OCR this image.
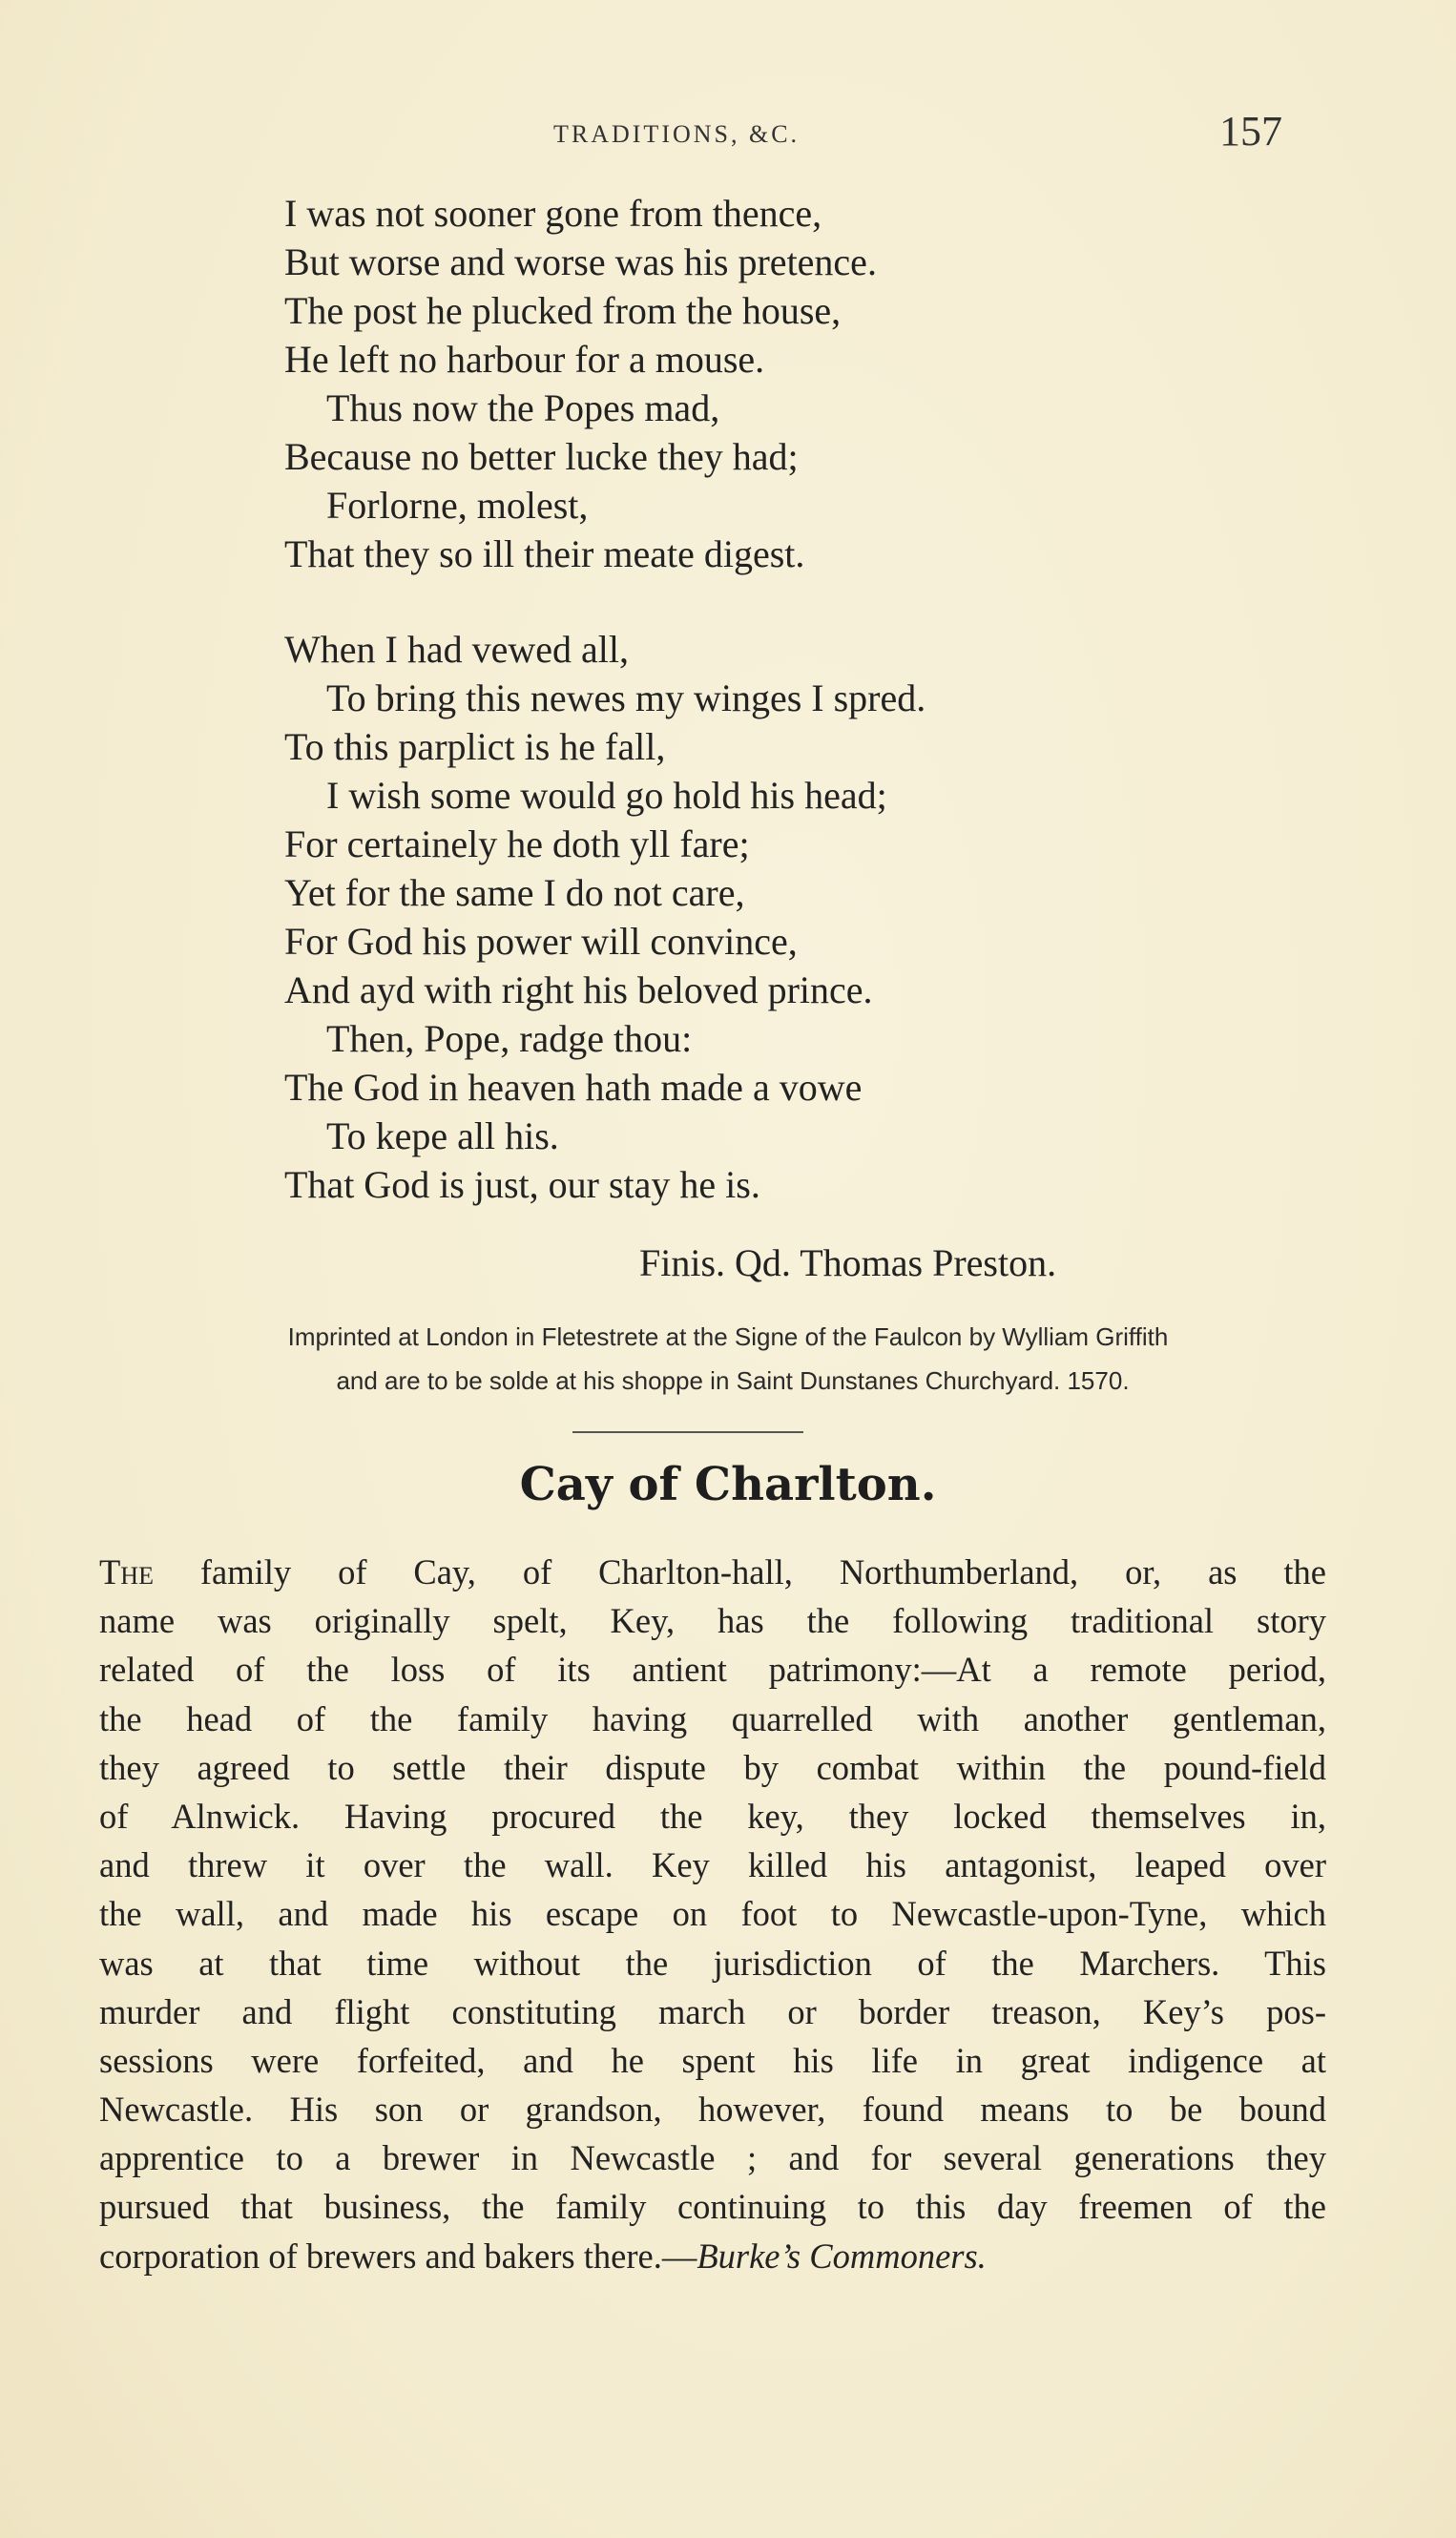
TRADITIONS, &C.	157
I was not sooner gone from thence,
But worse and worse was his pretence.
The post he plucked from the house,
He left no harbour for a mouse.
Thus now the Popes mad,
Because no better lucke they had;
Forlorne, molest,
That they so ill their meate digest.
When I had vewed all,
To bring this newes my winges I spred.
To this parplict is he fall,
I wish some would go hold his head;
For certainely he doth yll fare;
Yet for the same I do not care,
For God his power will convince,
And ayd with right his beloved prince.
Then, Pope, radge thou:
The God in heaven hath made a vowe
To kepe all his.
That God is just, our stay he is.
Finis. Qd. Thomas Preston.
Imprinted at London in Fletestrete at the Signe of the Faulcon by Wylliam Griffith
and are to be solde at his shoppe in Saint Dunstanes Churchyard. 1570.
Cay of Charlton.
The family of Cay, of Charlton-hall, Northumberland, or, as the
name was originally spelt, Key, has the following traditional story
related of the loss of its antient patrimony:—At a remote period,
the head of the family having quarrelled with another gentleman,
they agreed to settle their dispute by combat within the pound-field
of Alnwick. Having procured the key, they locked themselves in,
and threw it over the wall. Key killed his antagonist, leaped over
the wall, and made his escape on foot to Newcastle-upon-Tyne, which
was at that time without the jurisdiction of the Marchers. This
murder and flight constituting march or border treason, Key’s pos-
sessions were forfeited, and he spent his life in great indigence at
Newcastle. His son or grandson, however, found means to be bound
apprentice to a brewer in Newcastle ; and for several generations they
pursued that business, the family continuing to this day freemen of the
corporation of brewers and bakers there.—Burke’s Commoners.
